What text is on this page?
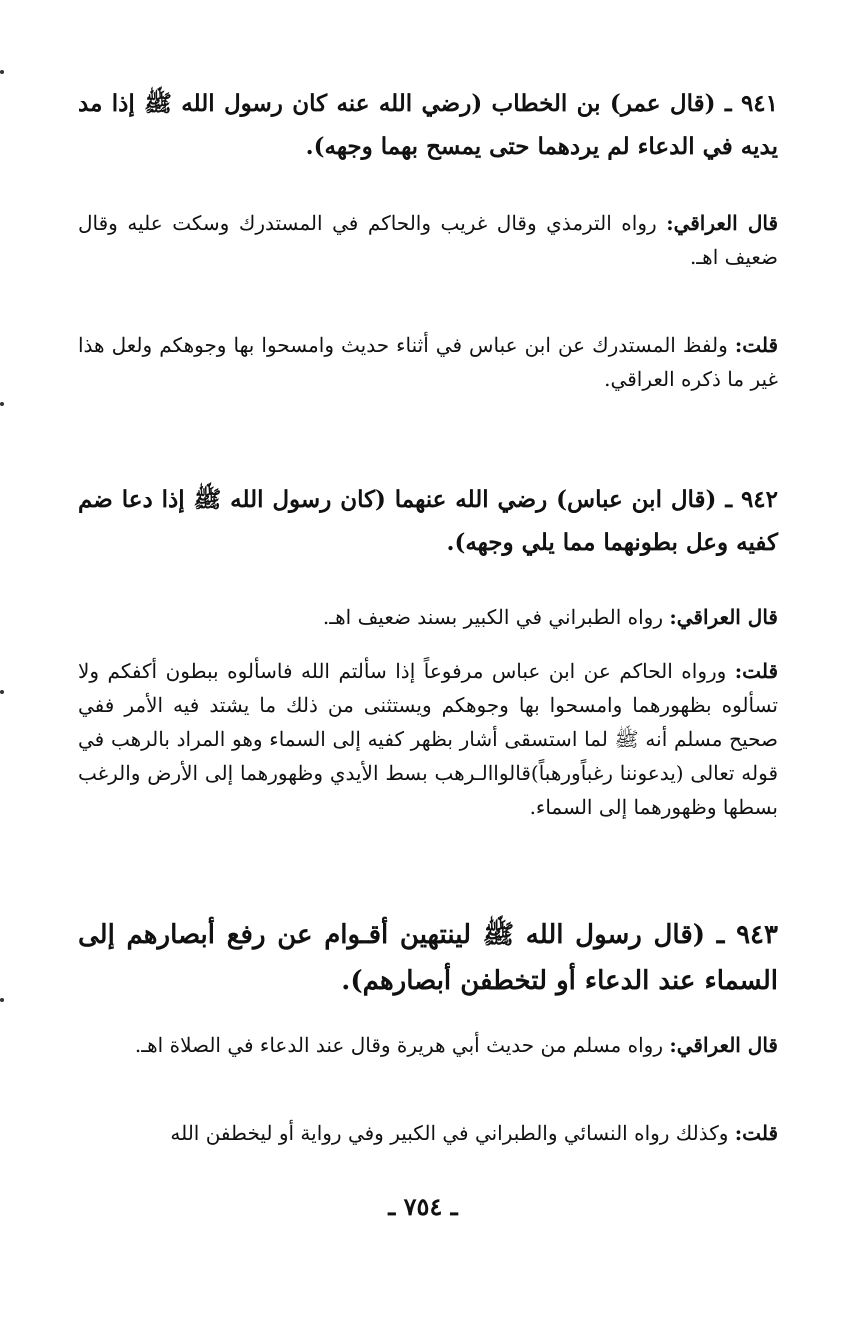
٩٤١ ـ (قال عمر) بن الخطاب (رضي الله عنه كان رسول الله ﷺ إذا مد يديه في الدعاء لم يردهما حتى يمسح بهما وجهه).

قال العراقي: رواه الترمذي وقال غريب والحاكم في المستدرك وسكت عليه وقال ضعيف اهـ.

قلت: ولفظ المستدرك عن ابن عباس في أثناء حديث وامسحوا بها وجوهكم ولعل هذا غير ما ذكره العراقي.

٩٤٢ ـ (قال ابن عباس) رضي الله عنهما (كان رسول الله ﷺ إذا دعا ضم كفيه وعل بطونهما مما يلي وجهه).

قال العراقي: رواه الطبراني في الكبير بسند ضعيف اهـ.

قلت: ورواه الحاكم عن ابن عباس مرفوعاً إذا سألتم الله فاسألوه ببطون أكفكم ولا تسألوه بظهورهما وامسحوا بها وجوهكم ويستثنى من ذلك ما يشتد فيه الأمر ففي صحيح مسلم أنه ﷺ لما استسقى أشار بظهر كفيه إلى السماء وهو المراد بالرهب في قوله تعالى (يدعوننا رغباًورهباً)قالواالـرهب بسط الأيدي وظهورهما إلى الأرض والرغب بسطها وظهورهما إلى السماء.

٩٤٣ ـ (قال رسول الله ﷺ لينتهين أقـوام عن رفع أبصارهم إلى السماء عند الدعاء أو لتخطفن أبصارهم).

قال العراقي: رواه مسلم من حديث أبي هريرة وقال عند الدعاء في الصلاة اهـ.

قلت: وكذلك رواه النسائي والطبراني في الكبير وفي رواية أو ليخطفن الله

ـ ٧٥٤ ـ
